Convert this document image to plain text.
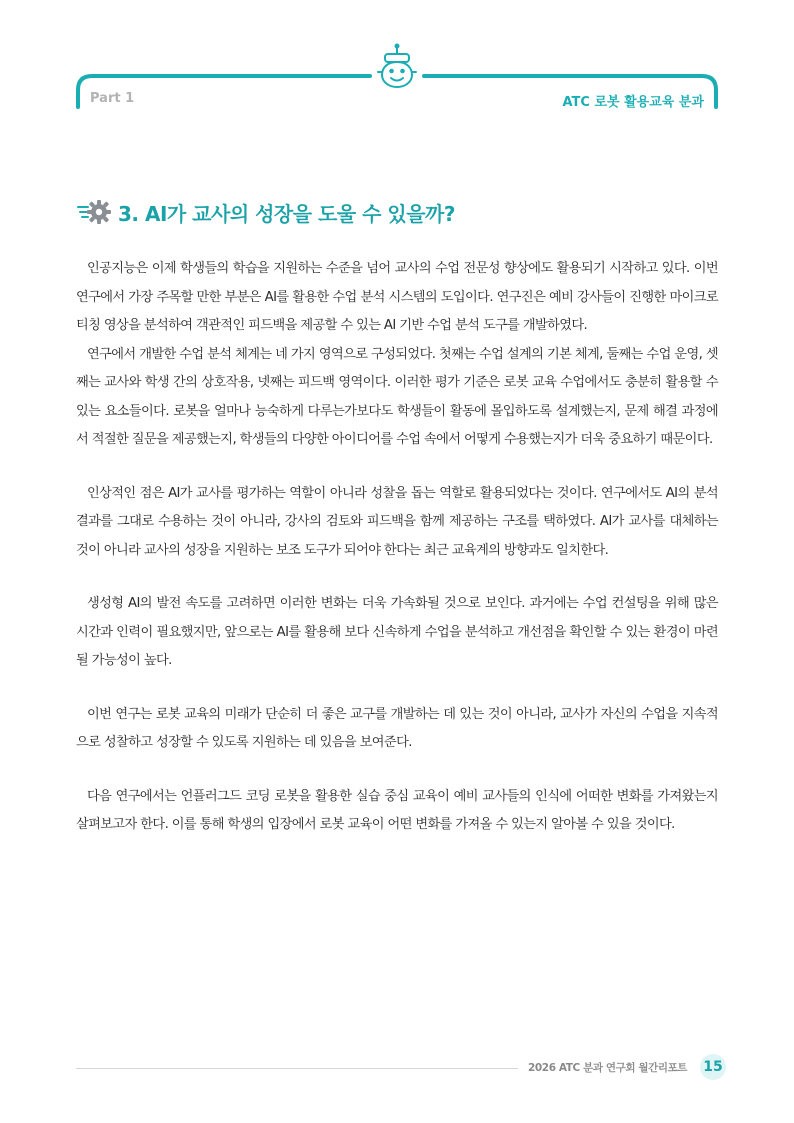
Part 1	ATC 로봇 활용교육 분과
3. AI가 교사의 성장을 도울 수 있을까?

인공지능은 이제 학생들의 학습을 지원하는 수준을 넘어 교사의 수업 전문성 향상에도 활용되기 시작하고 있다. 이번 연구에서 가장 주목할 만한 부분은 AI를 활용한 수업 분석 시스템의 도입이다. 연구진은 예비 강사들이 진행한 마이크로티칭 영상을 분석하여 객관적인 피드백을 제공할 수 있는 AI 기반 수업 분석 도구를 개발하였다.

연구에서 개발한 수업 분석 체계는 네 가지 영역으로 구성되었다. 첫째는 수업 설계의 기본 체계, 둘째는 수업 운영, 셋째는 교사와 학생 간의 상호작용, 넷째는 피드백 영역이다. 이러한 평가 기준은 로봇 교육 수업에서도 충분히 활용할 수 있는 요소들이다. 로봇을 얼마나 능숙하게 다루는가보다도 학생들이 활동에 몰입하도록 설계했는지, 문제 해결 과정에서 적절한 질문을 제공했는지, 학생들의 다양한 아이디어를 수업 속에서 어떻게 수용했는지가 더욱 중요하기 때문이다.

인상적인 점은 AI가 교사를 평가하는 역할이 아니라 성찰을 돕는 역할로 활용되었다는 것이다. 연구에서도 AI의 분석 결과를 그대로 수용하는 것이 아니라, 강사의 검토와 피드백을 함께 제공하는 구조를 택하였다. AI가 교사를 대체하는 것이 아니라 교사의 성장을 지원하는 보조 도구가 되어야 한다는 최근 교육계의 방향과도 일치한다.

생성형 AI의 발전 속도를 고려하면 이러한 변화는 더욱 가속화될 것으로 보인다. 과거에는 수업 컨설팅을 위해 많은 시간과 인력이 필요했지만, 앞으로는 AI를 활용해 보다 신속하게 수업을 분석하고 개선점을 확인할 수 있는 환경이 마련될 가능성이 높다.

이번 연구는 로봇 교육의 미래가 단순히 더 좋은 교구를 개발하는 데 있는 것이 아니라, 교사가 자신의 수업을 지속적으로 성찰하고 성장할 수 있도록 지원하는 데 있음을 보여준다.

다음 연구에서는 언플러그드 코딩 로봇을 활용한 실습 중심 교육이 예비 교사들의 인식에 어떠한 변화를 가져왔는지 살펴보고자 한다. 이를 통해 학생의 입장에서 로봇 교육이 어떤 변화를 가져올 수 있는지 알아볼 수 있을 것이다.

2026 ATC 분과 연구회 월간리포트 15
